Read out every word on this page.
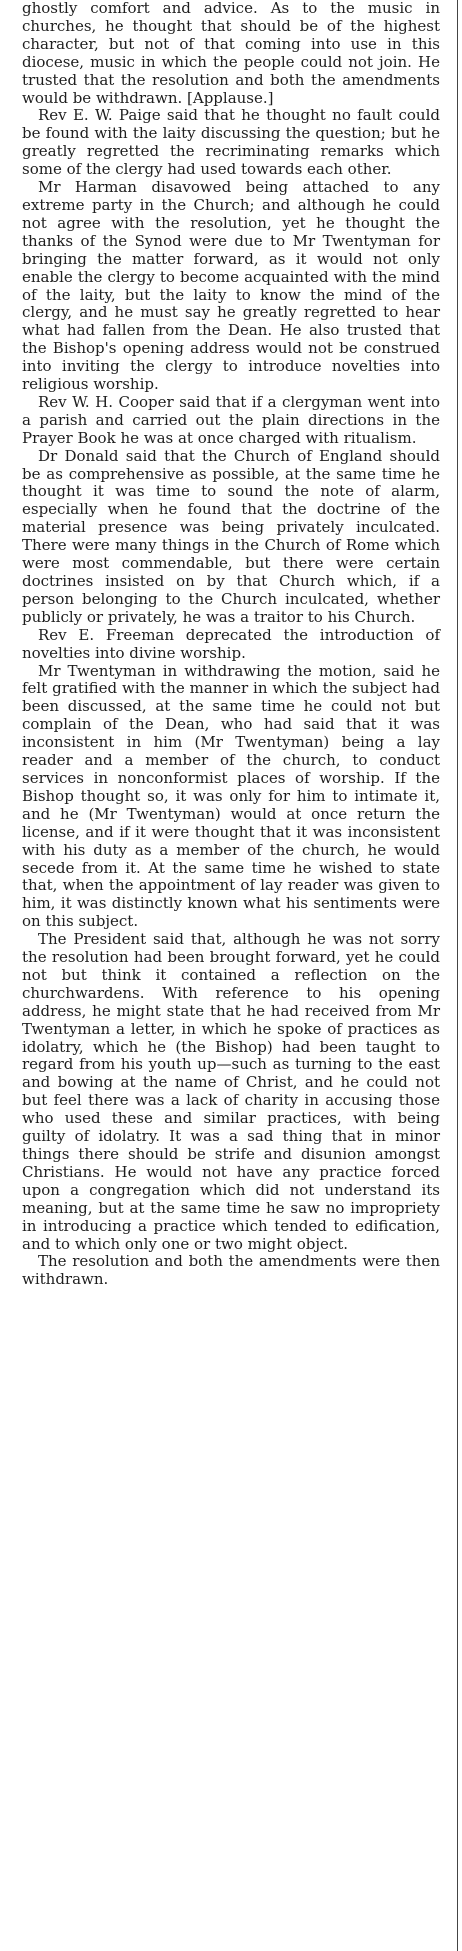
ghostly comfort and advice. As to the music in churches, he thought that should be of the highest character, but not of that coming into use in this diocese, music in which the people could not join. He trusted that the resolution and both the amendments would be withdrawn. [Applause.]

Rev E. W. Paige said that he thought no fault could be found with the laity discussing the question; but he greatly regretted the recriminating remarks which some of the clergy had used towards each other.

Mr Harman disavowed being attached to any extreme party in the Church; and although he could not agree with the resolution, yet he thought the thanks of the Synod were due to Mr Twentyman for bringing the matter forward, as it would not only enable the clergy to become acquainted with the mind of the laity, but the laity to know the mind of the clergy, and he must say he greatly regretted to hear what had fallen from the Dean. He also trusted that the Bishop's opening address would not be construed into inviting the clergy to introduce novelties into religious worship.

Rev W. H. Cooper said that if a clergyman went into a parish and carried out the plain directions in the Prayer Book he was at once charged with ritualism.

Dr Donald said that the Church of England should be as comprehensive as possible, at the same time he thought it was time to sound the note of alarm, especially when he found that the doctrine of the material presence was being privately inculcated. There were many things in the Church of Rome which were most commendable, but there were certain doctrines insisted on by that Church which, if a person belonging to the Church inculcated, whether publicly or privately, he was a traitor to his Church.

Rev E. Freeman deprecated the introduction of novelties into divine worship.

Mr Twentyman in withdrawing the motion, said he felt gratified with the manner in which the subject had been discussed, at the same time he could not but complain of the Dean, who had said that it was inconsistent in him (Mr Twentyman) being a lay reader and a member of the church, to conduct services in nonconformist places of worship. If the Bishop thought so, it was only for him to intimate it, and he (Mr Twentyman) would at once return the license, and if it were thought that it was inconsistent with his duty as a member of the church, he would secede from it. At the same time he wished to state that, when the appointment of lay reader was given to him, it was distinctly known what his sentiments were on this subject.

The President said that, although he was not sorry the resolution had been brought forward, yet he could not but think it contained a reflection on the churchwardens. With reference to his opening address, he might state that he had received from Mr Twentyman a letter, in which he spoke of practices as idolatry, which he (the Bishop) had been taught to regard from his youth up—such as turning to the east and bowing at the name of Christ, and he could not but feel there was a lack of charity in accusing those who used these and similar practices, with being guilty of idolatry. It was a sad thing that in minor things there should be strife and disunion amongst Christians. He would not have any practice forced upon a congregation which did not understand its meaning, but at the same time he saw no impropriety in introducing a practice which tended to edification, and to which only one or two might object.

The resolution and both the amendments were then withdrawn.
